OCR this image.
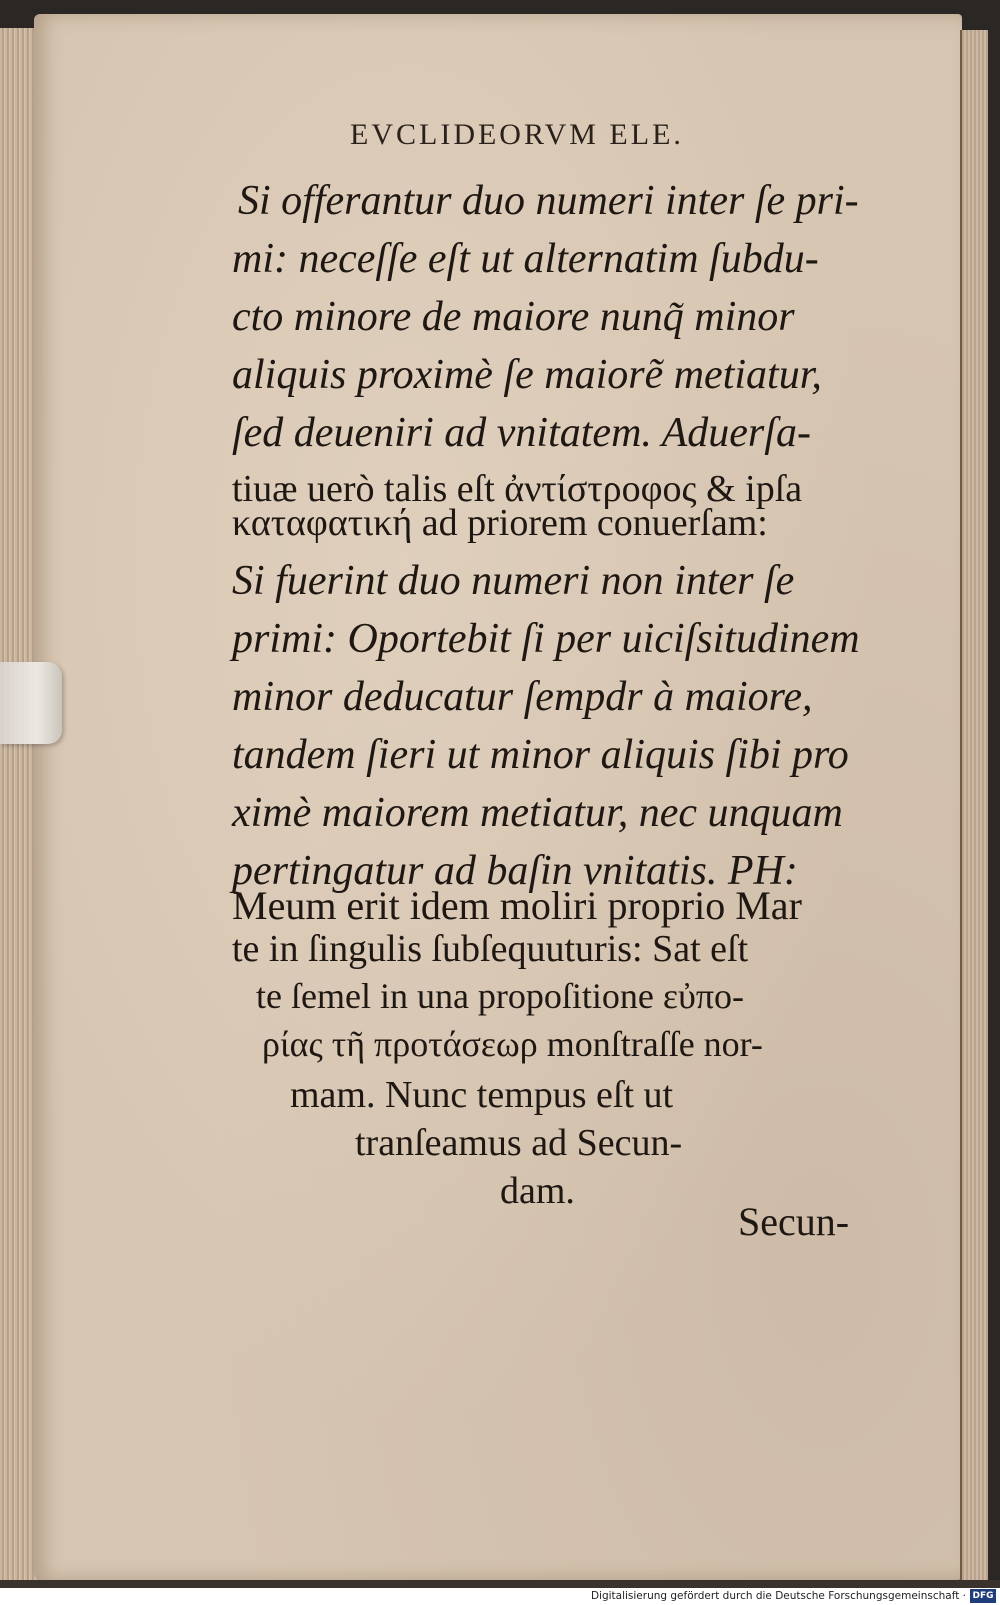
EVCLIDEORVM ELE.
Si offerantur duo numeri inter ſe pri-
mi: neceſſe eſt ut alternatim ſubdu-
cto minore de maiore nunq̃ minor
aliquis proximè ſe maiorẽ metiatur,
ſed deueniri ad vnitatem. Aduerſa-
tiuæ uerò talis eſt ἀντίστροφος & ipſa
καταφατική ad priorem conuerſam:
Si fuerint duo numeri non inter ſe
primi: Oportebit ſi per uiciſsitudinem
minor deducatur ſempdr à maiore,
tandem ſieri ut minor aliquis ſibi pro
ximè maiorem metiatur, nec unquam
pertingatur ad baſin vnitatis. PH:
Meum erit idem moliri proprio Mar
te in ſingulis ſubſequuturis: Sat eſt
te ſemel in una propoſitione εὐπο-
ρίας τῆ προτάσεωρ monſtraſſe nor-
mam. Nunc tempus eſt ut
tranſeamus ad Secun-
dam.
Secun-
Digitalisierung gefördert durch die Deutsche Forschungsgemeinschaft · DFG
